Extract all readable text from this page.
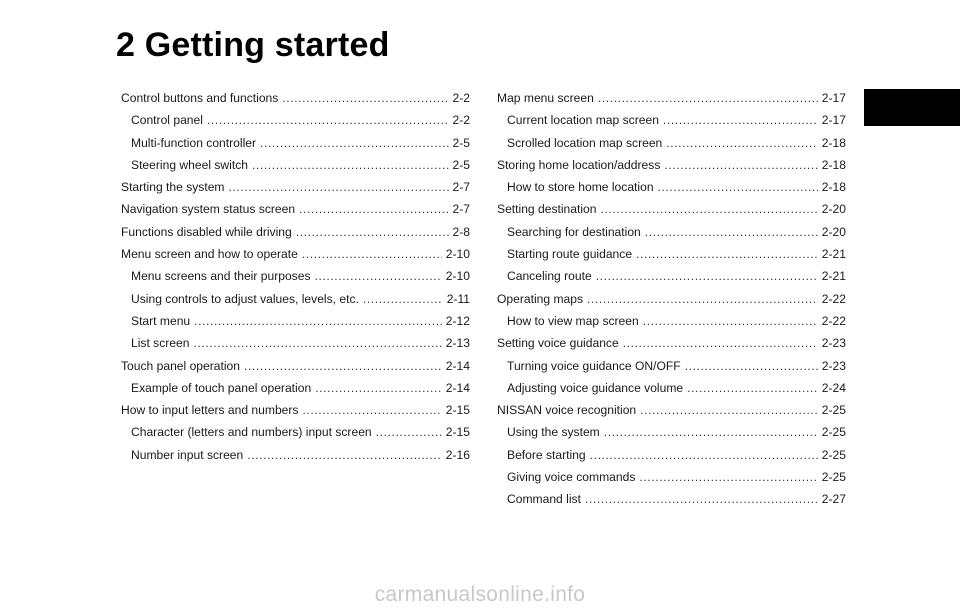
2 Getting started
Control buttons and functions .....	2-2
Control panel .....	2-2
Multi-function controller .....	2-5
Steering wheel switch .....	2-5
Starting the system .....	2-7
Navigation system status screen .....	2-7
Functions disabled while driving .....	2-8
Menu screen and how to operate .....	2-10
Menu screens and their purposes .....	2-10
Using controls to adjust values, levels, etc. .....	2-11
Start menu .....	2-12
List screen .....	2-13
Touch panel operation .....	2-14
Example of touch panel operation .....	2-14
How to input letters and numbers .....	2-15
Character (letters and numbers) input screen .....	2-15
Number input screen .....	2-16
Map menu screen .....	2-17
Current location map screen .....	2-17
Scrolled location map screen .....	2-18
Storing home location/address .....	2-18
How to store home location .....	2-18
Setting destination .....	2-20
Searching for destination .....	2-20
Starting route guidance .....	2-21
Canceling route .....	2-21
Operating maps .....	2-22
How to view map screen .....	2-22
Setting voice guidance .....	2-23
Turning voice guidance ON/OFF .....	2-23
Adjusting voice guidance volume .....	2-24
NISSAN voice recognition .....	2-25
Using the system .....	2-25
Before starting .....	2-25
Giving voice commands .....	2-25
Command list .....	2-27
carmanualsonline.info
